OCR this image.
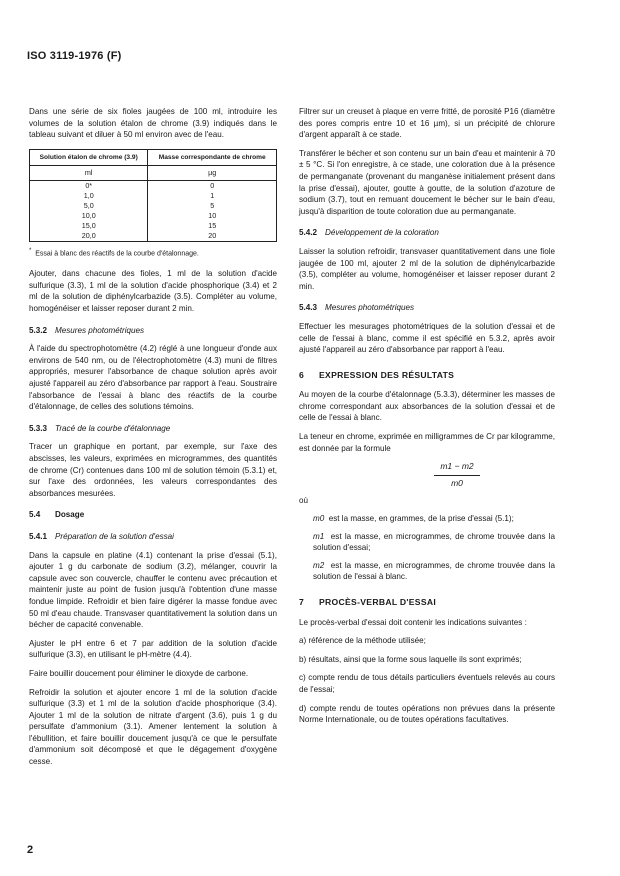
ISO 3119-1976 (F)

Dans une série de six fioles jaugées de 100 ml, introduire les volumes de la solution étalon de chrome (3.9) indiqués dans le tableau suivant et diluer à 50 ml environ avec de l'eau.

Solution étalon de chrome (3.9)	Masse correspondante de chrome
ml	µg
0*	0
1,0	1
5,0	5
10,0	10
15,0	15
20,0	20
* Essai à blanc des réactifs de la courbe d'étalonnage.

Ajouter, dans chacune des fioles, 1 ml de la solution d'acide sulfurique (3.3), 1 ml de la solution d'acide phosphorique (3.4) et 2 ml de la solution de diphénylcarbazide (3.5). Compléter au volume, homogénéiser et laisser reposer durant 2 min.

5.3.2 Mesures photométriques

À l'aide du spectrophotomètre (4.2) réglé à une longueur d'onde aux environs de 540 nm, ou de l'électrophotomètre (4.3) muni de filtres appropriés, mesurer l'absorbance de chaque solution après avoir ajusté l'appareil au zéro d'absorbance par rapport à l'eau. Soustraire l'absorbance de l'essai à blanc des réactifs de la courbe d'étalonnage, de celles des solutions témoins.

5.3.3 Tracé de la courbe d'étalonnage

Tracer un graphique en portant, par exemple, sur l'axe des abscisses, les valeurs, exprimées en microgrammes, des quantités de chrome (Cr) contenues dans 100 ml de solution témoin (5.3.1) et, sur l'axe des ordonnées, les valeurs correspondantes des absorbances mesurées.

5.4 Dosage
5.4.1 Préparation de la solution d'essai

Dans la capsule en platine (4.1) contenant la prise d'essai (5.1), ajouter 1 g du carbonate de sodium (3.2), mélanger, couvrir la capsule avec son couvercle, chauffer le contenu avec précaution et maintenir juste au point de fusion jusqu'à l'obtention d'une masse fondue limpide. Refroidir et bien faire digérer la masse fondue avec 50 ml d'eau chaude. Transvaser quantitativement la solution dans un bécher de capacité convenable.

Ajuster le pH entre 6 et 7 par addition de la solution d'acide sulfurique (3.3), en utilisant le pH-mètre (4.4).

Faire bouillir doucement pour éliminer le dioxyde de carbone.

Refroidir la solution et ajouter encore 1 ml de la solution d'acide sulfurique (3.3) et 1 ml de la solution d'acide phosphorique (3.4). Ajouter 1 ml de la solution de nitrate d'argent (3.6), puis 1 g du persulfate d'ammonium (3.1). Amener lentement la solution à l'ébullition, et faire bouillir doucement jusqu'à ce que le persulfate d'ammonium soit décomposé et que le dégagement d'oxygène cesse.

Filtrer sur un creuset à plaque en verre fritté, de porosité P16 (diamètre des pores compris entre 10 et 16 µm), si un précipité de chlorure d'argent apparaît à ce stade.

Transférer le bécher et son contenu sur un bain d'eau et maintenir à 70 ± 5 °C. Si l'on enregistre, à ce stade, une coloration due à la présence de permanganate (provenant du manganèse initialement présent dans la prise d'essai), ajouter, goutte à goutte, de la solution d'azoture de sodium (3.7), tout en remuant doucement le bécher sur le bain d'eau, jusqu'à disparition de toute coloration due au permanganate.

5.4.2 Développement de la coloration

Laisser la solution refroidir, transvaser quantitativement dans une fiole jaugée de 100 ml, ajouter 2 ml de la solution de diphénylcarbazide (3.5), compléter au volume, homogénéiser et laisser reposer durant 2 min.

5.4.3 Mesures photométriques

Effectuer les mesurages photométriques de la solution d'essai et de celle de l'essai à blanc, comme il est spécifié en 5.3.2, après avoir ajusté l'appareil au zéro d'absorbance par rapport à l'eau.

6 EXPRESSION DES RÉSULTATS

Au moyen de la courbe d'étalonnage (5.3.3), déterminer les masses de chrome correspondant aux absorbances de la solution d'essai et de celle de l'essai à blanc.

La teneur en chrome, exprimée en milligrammes de Cr par kilogramme, est donnée par la formule

$\frac{m1 - m2}{m0}$
où
m0 est la masse, en grammes, de la prise d'essai (5.1);
m1 est la masse, en microgrammes, de chrome trouvée dans la solution d'essai;
m2 est la masse, en microgrammes, de chrome trouvée dans la solution de l'essai à blanc.
7 PROCÈS-VERBAL D'ESSAI

Le procès-verbal d'essai doit contenir les indications suivantes :

a) référence de la méthode utilisée;

b) résultats, ainsi que la forme sous laquelle ils sont exprimés;

c) compte rendu de tous détails particuliers éventuels relevés au cours de l'essai;

d) compte rendu de toutes opérations non prévues dans la présente Norme Internationale, ou de toutes opérations facultatives.

2
